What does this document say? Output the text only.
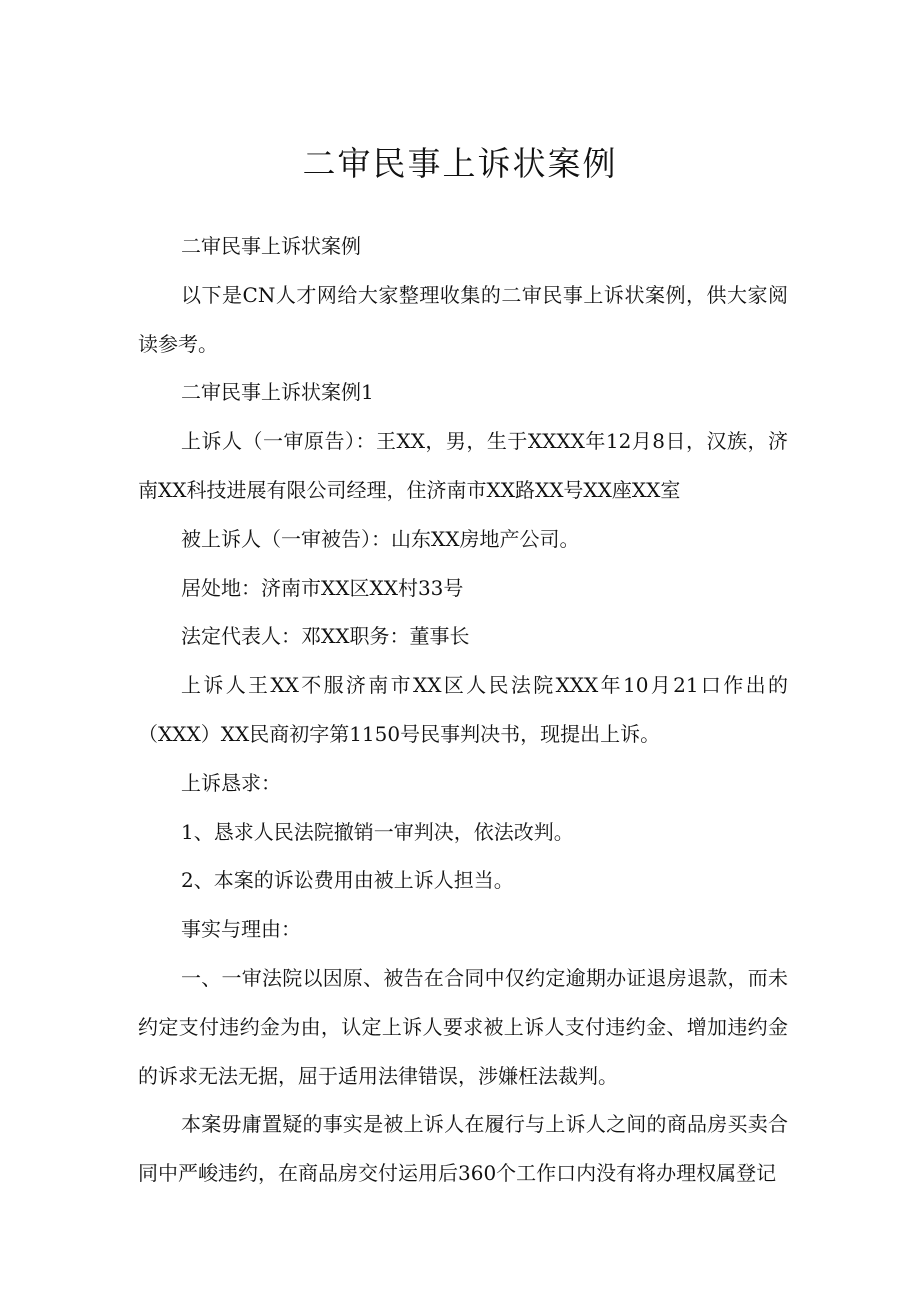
二审民事上诉状案例

二审民事上诉状案例

以下是CN人才网给大家整理收集的二审民事上诉状案例，供大家阅读参考。

二审民事上诉状案例1

上诉人（一审原告）：王XX，男，生于XXXX年12月8日，汉族，济南XX科技进展有限公司经理，住济南市XX路XX号XX座XX室

被上诉人（一审被告）：山东XX房地产公司。

居处地：济南市XX区XX村33号

法定代表人：邓XX职务：董事长

上诉人王XX不服济南市XX区人民法院XXX年10月21口作出的（XXX）XX民商初字第1150号民事判决书，现提出上诉。

上诉恳求：

1、恳求人民法院撤销一审判决，依法改判。

2、本案的诉讼费用由被上诉人担当。

事实与理由：

一、一审法院以因原、被告在合同中仅约定逾期办证退房退款，而未约定支付违约金为由，认定上诉人要求被上诉人支付违约金、增加违约金的诉求无法无据，屈于适用法律错误，涉嫌枉法裁判。

本案毋庸置疑的事实是被上诉人在履行与上诉人之间的商品房买卖合同中严峻违约，在商品房交付运用后360个工作口内没有将办理权属登记
